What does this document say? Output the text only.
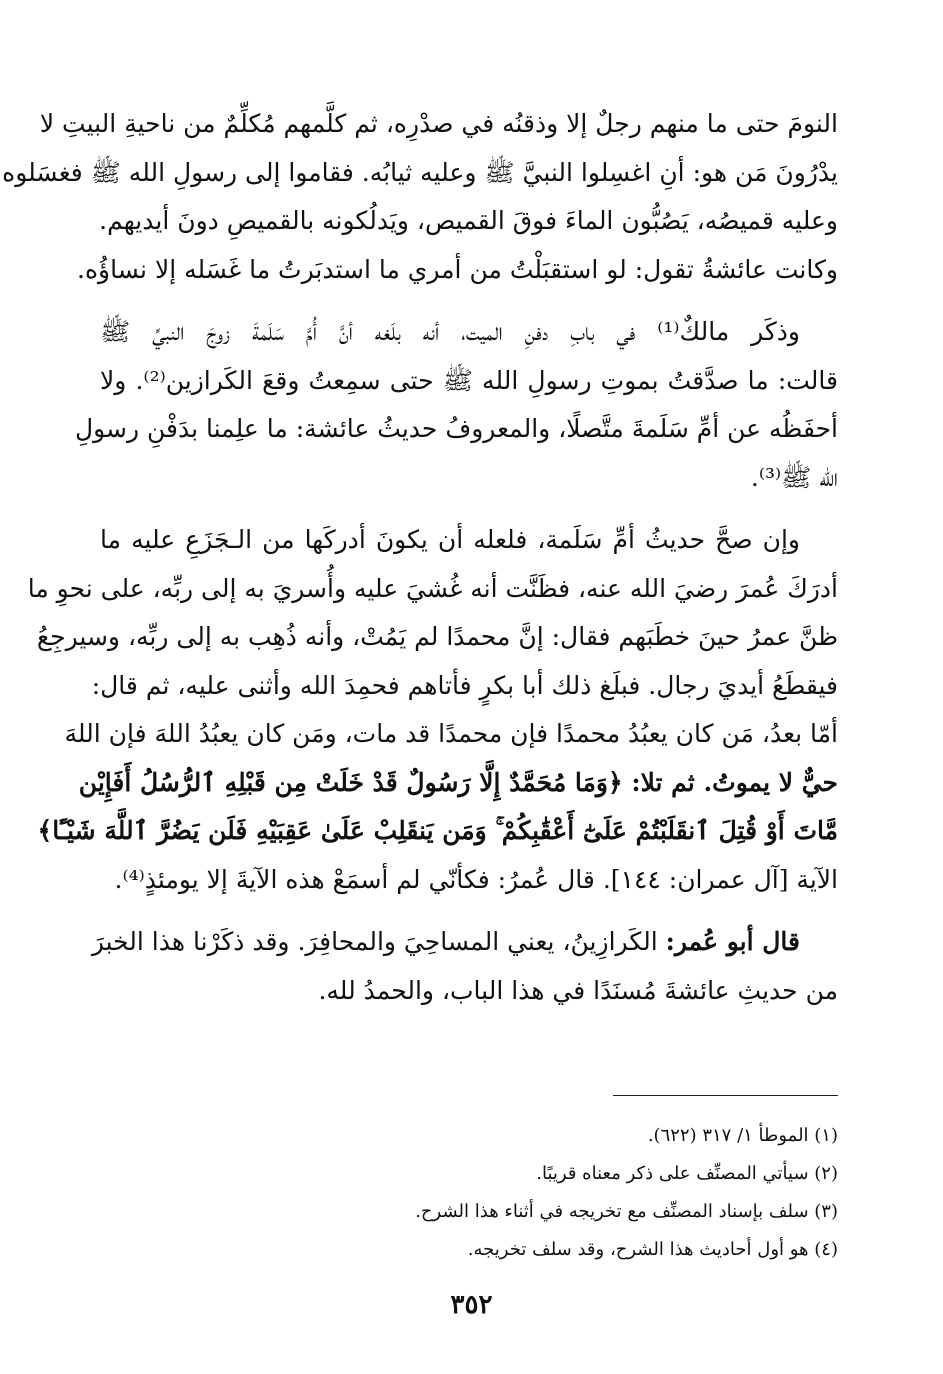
النومَ حتى ما منهم رجلٌ إلا وذقنُه في صدْرِه، ثم كلَّمهم مُكلِّمٌ من ناحيةِ البيتِ لا
يدْرُونَ مَن هو: أنِ اغسِلوا النبيَّ ﷺ وعليه ثيابُه. فقاموا إلى رسولِ الله ﷺ فغسَلوه
وعليه قميصُه، يَصُبُّون الماءَ فوقَ القميص، ويَدلُكونه بالقميصِ دونَ أيديهم.
وكانت عائشةُ تقول: لو استقبَلْتُ من أمري ما استدبَرتُ ما غَسَله إلا نساؤُه.
وذكَر مالكٌ⁽¹⁾ في بابِ دفنِ الميت، أنه بلَغه أنَّ أُمَّ سَلَمةَ زوجَ النبيِّ ﷺ
قالت: ما صدَّقتُ بموتِ رسولِ الله ﷺ حتى سمِعتُ وقعَ الكَرازين⁽²⁾. ولا
أحفَظُه عن أمِّ سَلَمةَ متَّصلًا، والمعروفُ حديثُ عائشة: ما علِمنا بدَفْنِ رسولِ
الله ﷺ⁽³⁾.
وإن صحَّ حديثُ أمِّ سَلَمة، فلعله أن يكونَ أدركَها من الـجَزَعِ عليه ما
أدرَكَ عُمرَ رضيَ الله عنه، فظَنَّت أنه غُشيَ عليه وأُسريَ به إلى ربِّه، على نحوِ ما
ظنَّ عمرُ حينَ خطَبَهم فقال: إنَّ محمدًا لم يَمُتْ، وأنه ذُهِب به إلى ربِّه، وسيرجِعُ
فيقطَعُ أيديَ رجال. فبلَغ ذلك أبا بكرٍ فأتاهم فحمِدَ الله وأثنى عليه، ثم قال:
أمّا بعدُ، مَن كان يعبُدُ محمدًا فإن محمدًا قد مات، ومَن كان يعبُدُ اللهَ فإن اللهَ
حيٌّ لا يموتُ. ثم تلا: ﴿وَمَا مُحَمَّدٌ إِلَّا رَسُولٌ قَدْ خَلَتْ مِن قَبْلِهِ ٱلرُّسُلُ أَفَإِيْن
مَّاتَ أَوْ قُتِلَ ٱنقَلَبْتُمْ عَلَىٰٓ أَعْقَٰبِكُمْ ۚ وَمَن يَنقَلِبْ عَلَىٰ عَقِبَيْهِ فَلَن يَضُرَّ ٱللَّهَ شَيْـًٔا﴾
الآية [آل عمران: ١٤٤]. قال عُمرُ: فكأنّي لم أسمَعْ هذه الآيةَ إلا يومئذٍ⁽⁴⁾.
قال أبو عُمر: الكَرازِينُ، يعني المساحِيَ والمحافِرَ. وقد ذكَرْنا هذا الخبرَ
من حديثِ عائشةَ مُسنَدًا في هذا الباب، والحمدُ لله.
(١) الموطأ ١/ ٣١٧ (٦٢٢).
(٢) سيأتي المصنِّف على ذكر معناه قريبًا.
(٣) سلف بإسناد المصنِّف مع تخريجه في أثناء هذا الشرح.
(٤) هو أول أحاديث هذا الشرح، وقد سلف تخريجه.
٣٥٢
